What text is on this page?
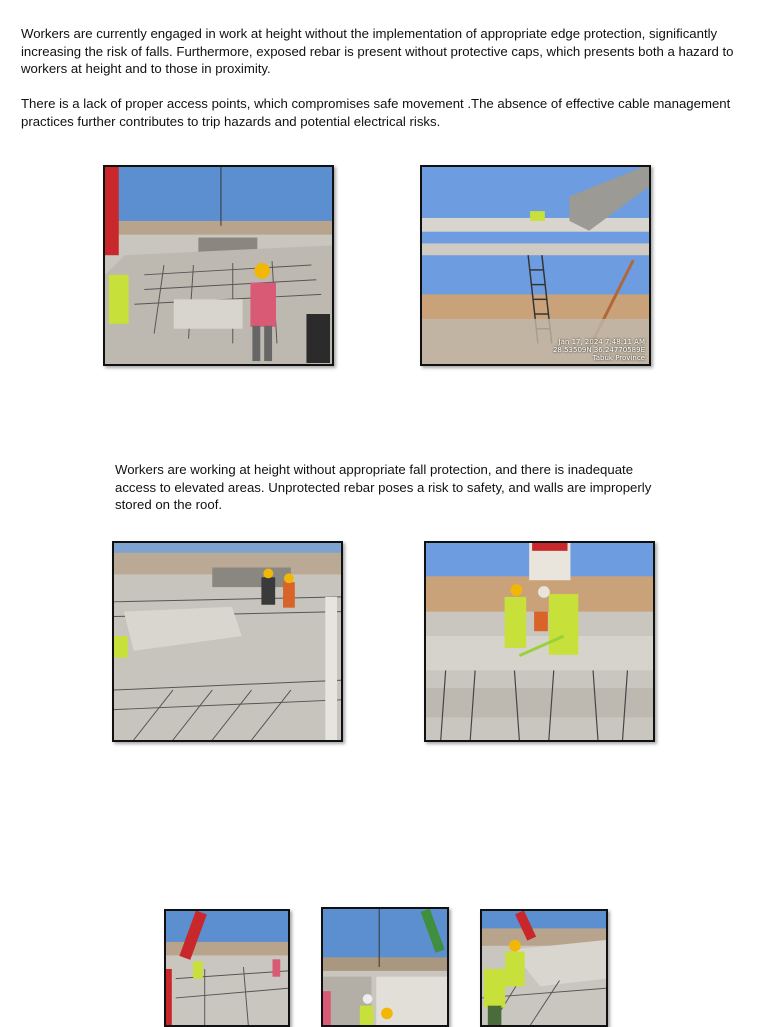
Workers are currently engaged in work at height without the implementation of appropriate edge protection, significantly increasing the risk of falls. Furthermore, exposed rebar is present without protective caps, which presents both a hazard to workers at height and to those in proximity.

There is a lack of proper access points, which compromises safe movement .The absence of effective cable management practices further contributes to trip hazards and potential electrical risks.

Jan 17, 2024 7:48:11 AM
28.53509N 36.24770589E
Tabuk Province

Workers are working at height without appropriate fall protection, and there is inadequate access to elevated areas. Unprotected rebar poses a risk to safety, and walls are improperly stored on the roof.
